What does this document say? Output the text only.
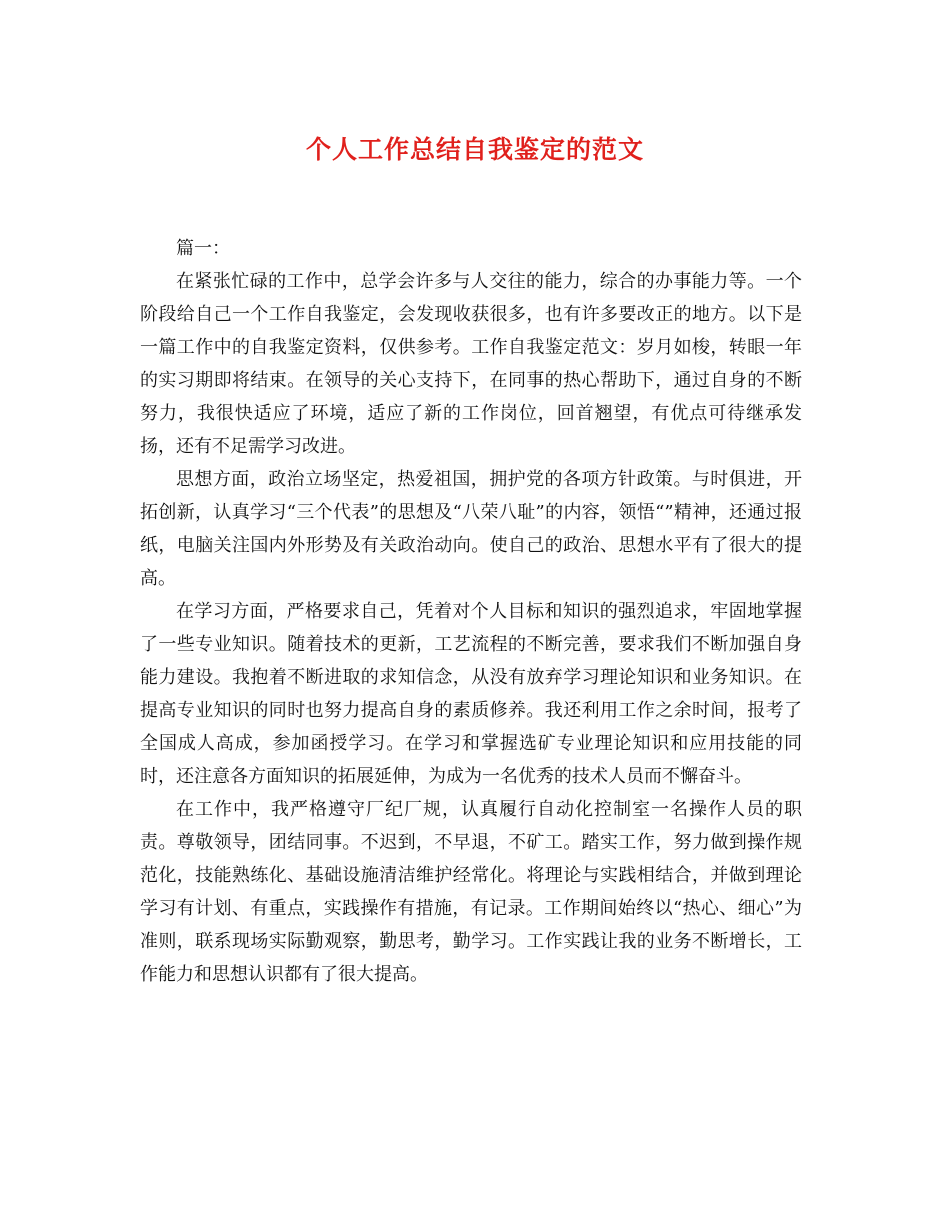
个人工作总结自我鉴定的范文

篇一：

在紧张忙碌的工作中，总学会许多与人交往的能力，综合的办事能力等。一个阶段给自己一个工作自我鉴定，会发现收获很多，也有许多要改正的地方。以下是一篇工作中的自我鉴定资料，仅供参考。工作自我鉴定范文：岁月如梭，转眼一年的实习期即将结束。在领导的关心支持下，在同事的热心帮助下，通过自身的不断努力，我很快适应了环境，适应了新的工作岗位，回首翘望，有优点可待继承发扬，还有不足需学习改进。

思想方面，政治立场坚定，热爱祖国，拥护党的各项方针政策。与时俱进，开拓创新，认真学习“三个代表”的思想及“八荣八耻”的内容，领悟“”精神，还通过报纸，电脑关注国内外形势及有关政治动向。使自己的政治、思想水平有了很大的提高。

在学习方面，严格要求自己，凭着对个人目标和知识的强烈追求，牢固地掌握了一些专业知识。随着技术的更新，工艺流程的不断完善，要求我们不断加强自身能力建设。我抱着不断进取的求知信念，从没有放弃学习理论知识和业务知识。在提高专业知识的同时也努力提高自身的素质修养。我还利用工作之余时间，报考了全国成人高成，参加函授学习。在学习和掌握选矿专业理论知识和应用技能的同时，还注意各方面知识的拓展延伸，为成为一名优秀的技术人员而不懈奋斗。

在工作中，我严格遵守厂纪厂规，认真履行自动化控制室一名操作人员的职责。尊敬领导，团结同事。不迟到，不早退，不矿工。踏实工作，努力做到操作规范化，技能熟练化、基础设施清洁维护经常化。将理论与实践相结合，并做到理论学习有计划、有重点，实践操作有措施，有记录。工作期间始终以“热心、细心”为准则，联系现场实际勤观察，勤思考，勤学习。工作实践让我的业务不断增长，工作能力和思想认识都有了很大提高。
